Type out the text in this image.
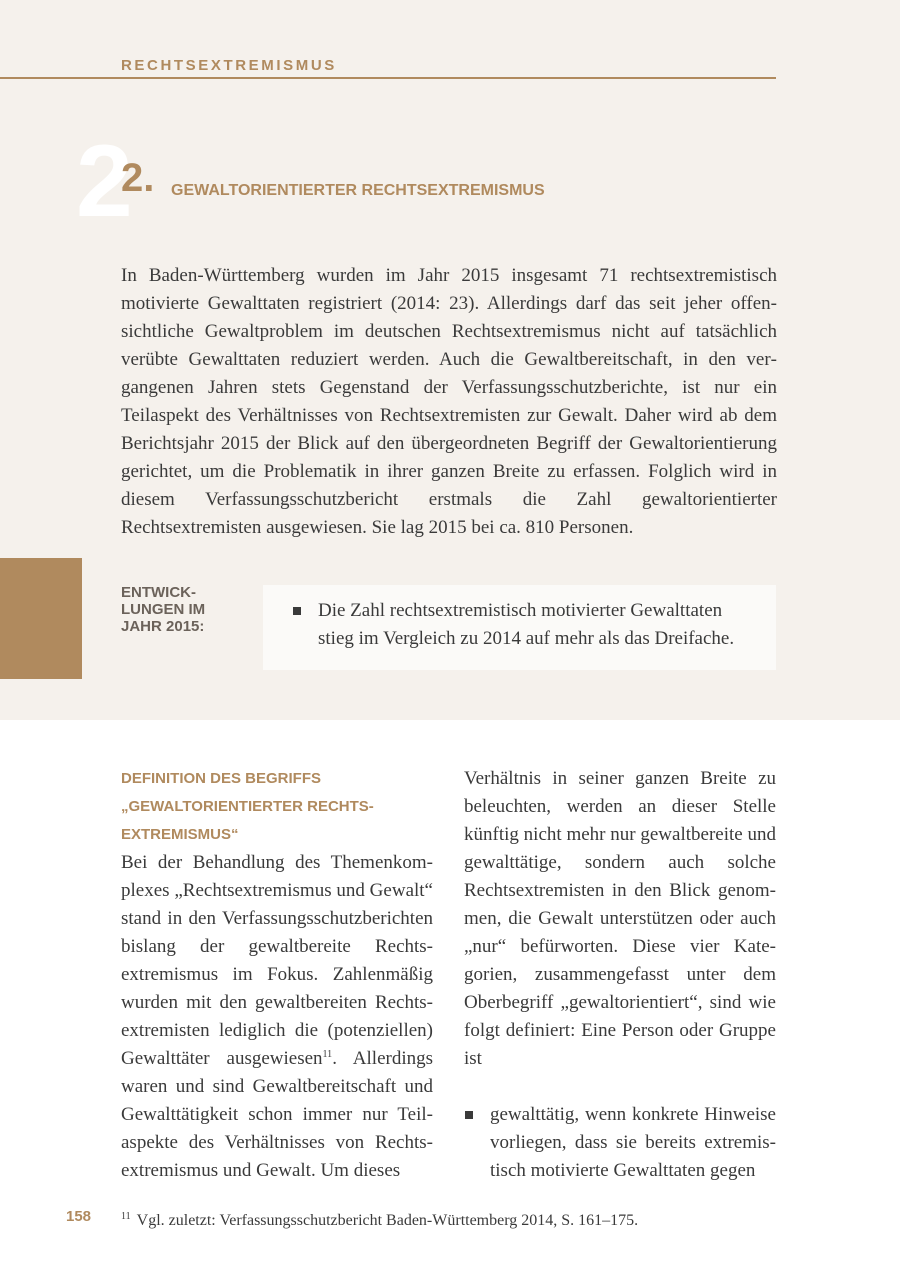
RECHTSEXTREMISMUS
2
2. GEWALTORIENTIERTER RECHTSEXTREMISMUS

In Baden-Württemberg wurden im Jahr 2015 insgesamt 71 rechtsextremistisch motivierte Gewalttaten registriert (2014: 23). Allerdings darf das seit jeher offensichtliche Gewaltproblem im deutschen Rechtsextremismus nicht auf tatsächlich verübte Gewalttaten reduziert werden. Auch die Gewaltbereitschaft, in den vergangenen Jahren stets Gegenstand der Verfassungsschutzberichte, ist nur ein Teilaspekt des Verhältnisses von Rechtsextremisten zur Gewalt. Daher wird ab dem Berichtsjahr 2015 der Blick auf den übergeordneten Begriff der Gewaltorientierung gerichtet, um die Problematik in ihrer ganzen Breite zu erfassen. Folglich wird in diesem Verfassungsschutzbericht erstmals die Zahl gewaltorientierter Rechtsextremisten ausgewiesen. Sie lag 2015 bei ca. 810 Personen.

ENTWICK-
LUNGEN IM
JAHR 2015:
Die Zahl rechtsextremistisch motivierter Gewalttaten stieg im Vergleich zu 2014 auf mehr als das Dreifache.
DEFINITION DES BEGRIFFS
„GEWALTORIENTIERTER RECHTS-
EXTREMISMUS“

Bei der Behandlung des Themenkomplexes „Rechtsextremismus und Gewalt“ stand in den Verfassungsschutzberichten bislang der gewaltbereite Rechtsextremismus im Fokus. Zahlenmäßig wurden mit den gewaltbereiten Rechtsextremisten lediglich die (potenziellen) Gewalttäter ausgewiesen$^{11}$. Allerdings waren und sind Gewaltbereitschaft und Gewalttätigkeit schon immer nur Teilaspekte des Verhältnisses von Rechtsextremismus und Gewalt. Um dieses

Verhältnis in seiner ganzen Breite zu beleuchten, werden an dieser Stelle künftig nicht mehr nur gewaltbereite und gewalttätige, sondern auch solche Rechtsextremisten in den Blick genommen, die Gewalt unterstützen oder auch „nur“ befürworten. Diese vier Kategorien, zusammengefasst unter dem Oberbegriff „gewaltorientiert“, sind wie folgt definiert: Eine Person oder Gruppe ist

gewalttätig, wenn konkrete Hinweise vorliegen, dass sie bereits extremistisch motivierte Gewalttaten gegen
158	$^{11}$ Vgl. zuletzt: Verfassungsschutzbericht Baden-Württemberg 2014, S. 161–175.
